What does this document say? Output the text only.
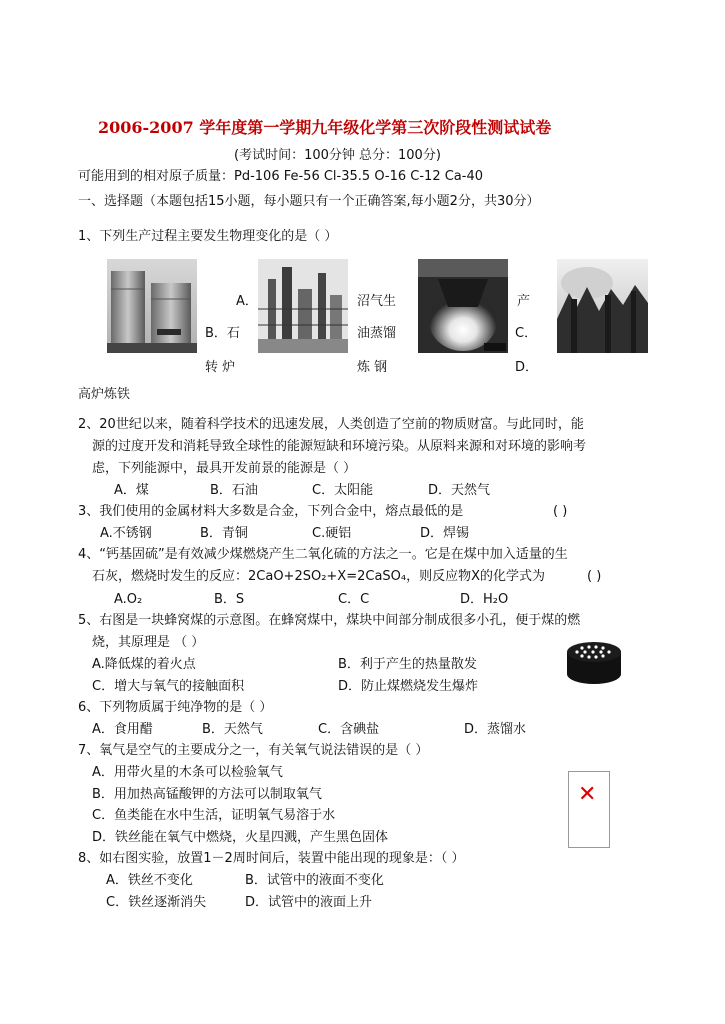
2006-2007 学年度第一学期九年级化学第三次阶段性测试试卷
(考试时间：100分钟 总分：100分)
可能用到的相对原子质量：Pd-106 Fe-56 Cl-35.5 O-16 C-12 Ca-40
一、选择题（本题包括15小题，每小题只有一个正确答案,每小题2分，共30分）
1、下列生产过程主要发生物理变化的是（ ）
A．
B．石
转 炉
沼气生
油蒸馏
炼 钢
产
C．
D．
高炉炼铁
2、20世纪以来，随着科学技术的迅速发展，人类创造了空前的物质财富。与此同时，能
源的过度开发和消耗导致全球性的能源短缺和环境污染。从原料来源和对环境的影响考
虑，下列能源中，最具开发前景的能源是（ ）
A．煤	B．石油	C．太阳能	D．天然气
3、我们使用的金属材料大多数是合金，下列合金中，熔点最低的是	( )
A.不锈钢	B．青铜	C.硬铝	D．焊锡
4、“钙基固硫”是有效减少煤燃烧产生二氧化硫的方法之一。它是在煤中加入适量的生
石灰，燃烧时发生的反应：2CaO+2SO₂+X=2CaSO₄，则反应物X的化学式为	( )
A.O₂	B．S	C．C	D．H₂O
5、右图是一块蜂窝煤的示意图。在蜂窝煤中，煤块中间部分制成很多小孔，便于煤的燃
烧，其原理是 （ ）
A.降低煤的着火点	B．利于产生的热量散发
C．增大与氧气的接触面积	D．防止煤燃烧发生爆炸
6、下列物质属于纯净物的是（ ）
A．食用醋	B．天然气	C．含碘盐	D．蒸馏水
7、氧气是空气的主要成分之一，有关氧气说法错误的是（ ）
A．用带火星的木条可以检验氧气
B．用加热高锰酸钾的方法可以制取氧气
C．鱼类能在水中生活，证明氧气易溶于水
D．铁丝能在氧气中燃烧，火星四溅，产生黑色固体
✕
8、如右图实验，放置1－2周时间后，装置中能出现的现象是：（ ）
A．铁丝不变化	B．试管中的液面不变化
C．铁丝逐渐消失	D．试管中的液面上升
